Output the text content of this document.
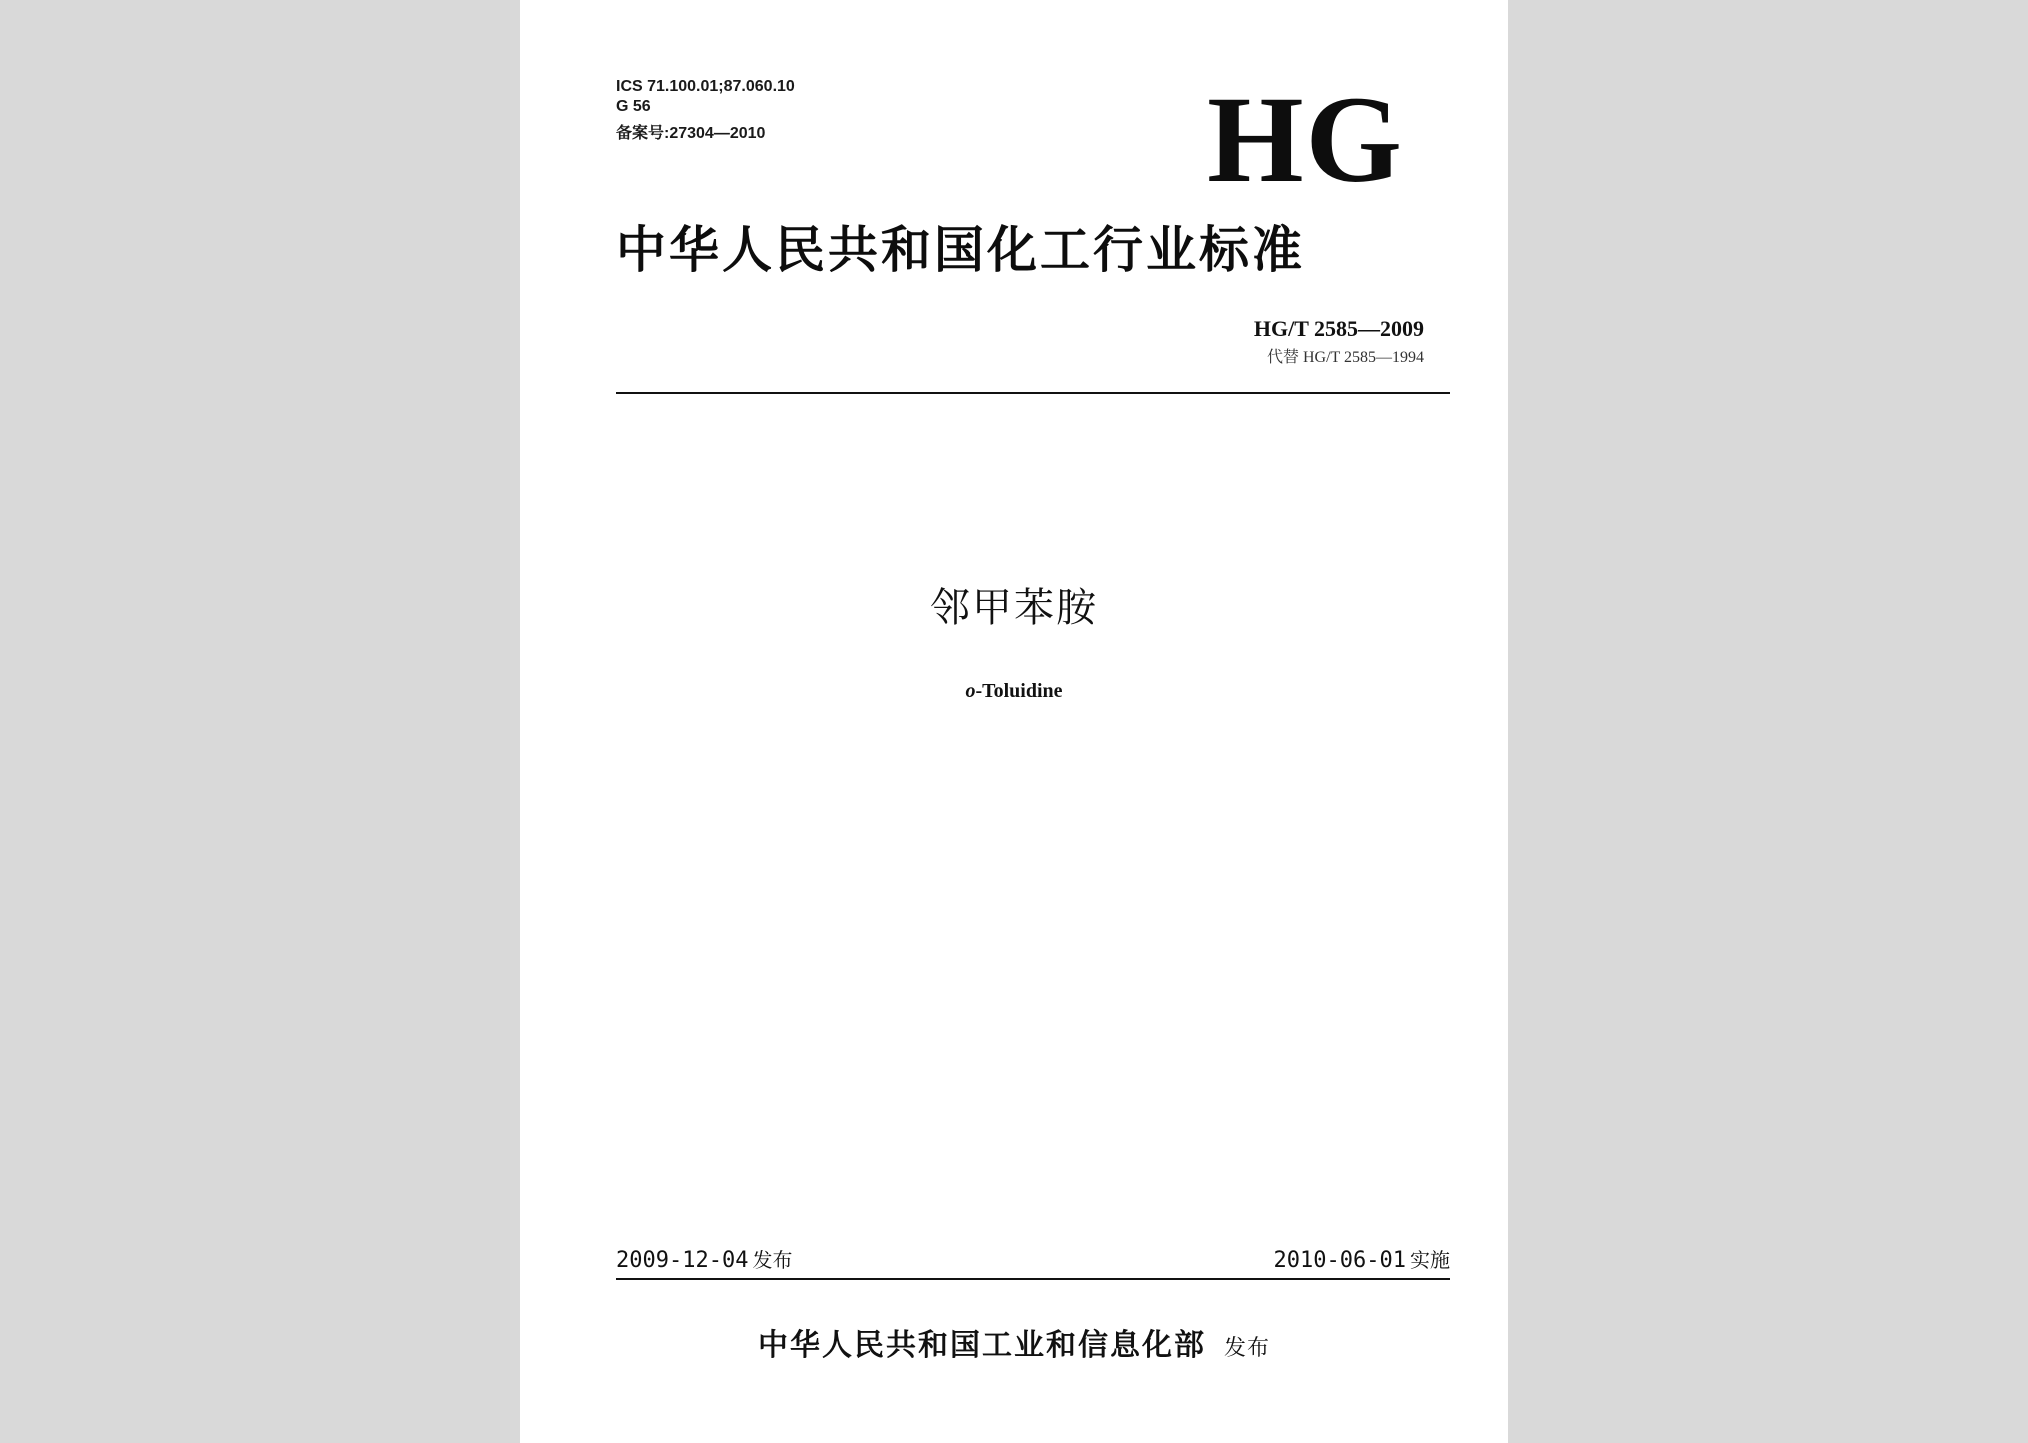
ICS 71.100.01;87.060.10
G 56
备案号:27304—2010	HG
中华人民共和国化工行业标准
HG/T 2585—2009
代替 HG/T 2585—1994
邻甲苯胺
o-Toluidine
2009-12-04 发布	2010-06-01 实施
中华人民共和国工业和信息化部 发布
